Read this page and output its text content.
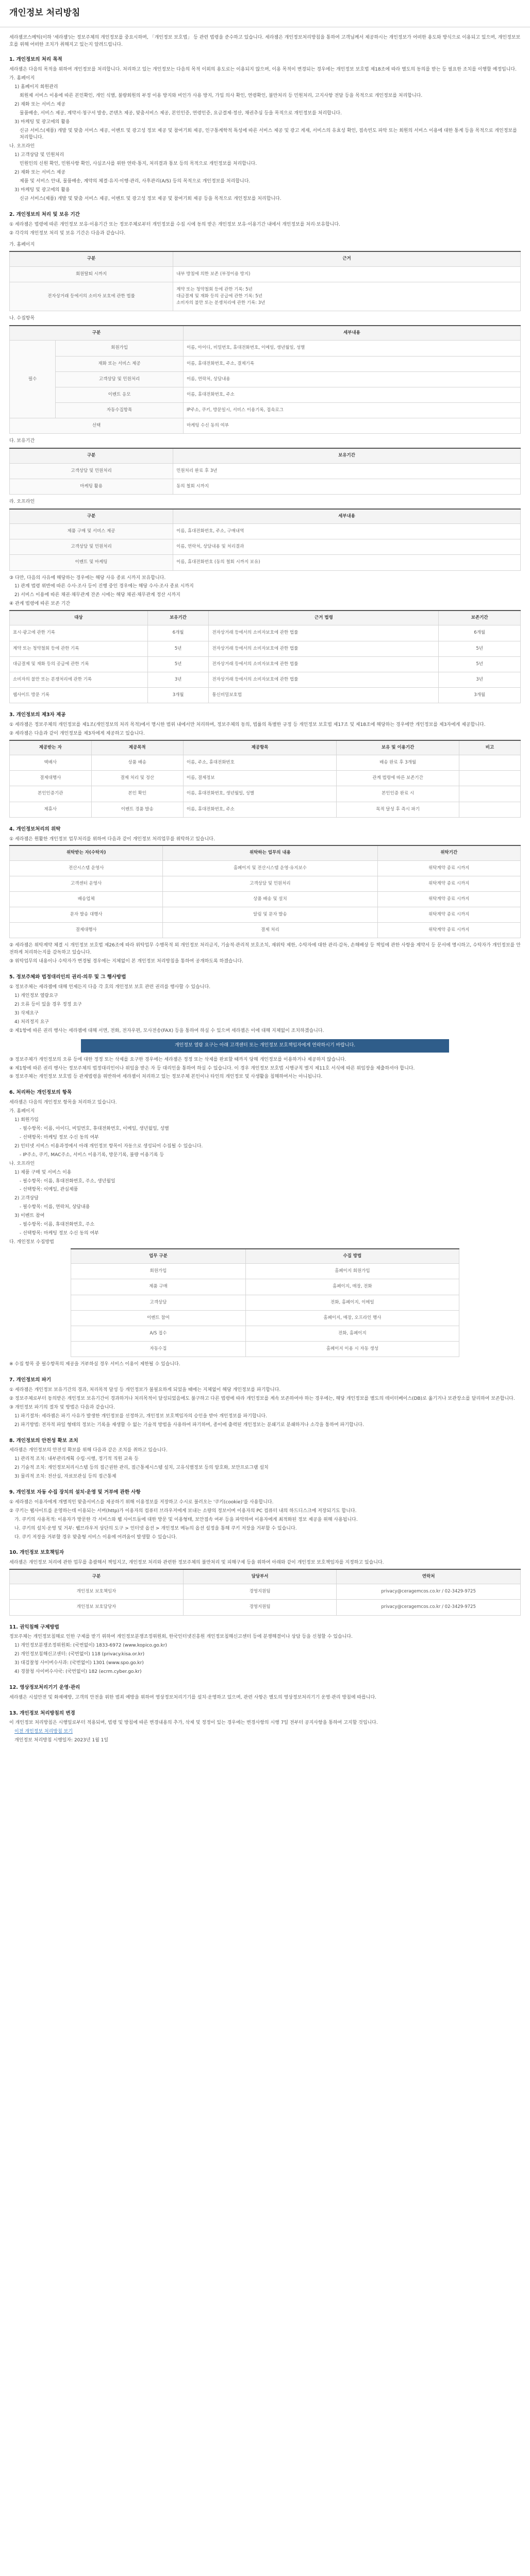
개인정보 처리방침
세라젬코스메틱(이하 '세라젬')는 정보주체의 개인정보를 중요시하며, 「개인정보 보호법」 등 관련 법령을 준수하고 있습니다. 세라젬은 개인정보처리방침을 통하여 고객님께서 제공하시는 개인정보가 어떠한 용도와 방식으로 이용되고 있으며, 개인정보보호를 위해 어떠한 조치가 취해지고 있는지 알려드립니다.
1. 개인정보의 처리 목적
세라젬은 다음의 목적을 위하여 개인정보를 처리합니다. 처리하고 있는 개인정보는 다음의 목적 이외의 용도로는 이용되지 않으며, 이용 목적이 변경되는 경우에는 개인정보 보호법 제18조에 따라 별도의 동의를 받는 등 필요한 조치를 이행할 예정입니다.
가. 홈페이지
1) 홈페이지 회원관리
회원제 서비스 이용에 따른 본인확인, 개인 식별, 불량회원의 부정 이용 방지와 비인가 사용 방지, 가입 의사 확인, 연령확인, 불만처리 등 민원처리, 고지사항 전달 등을 목적으로 개인정보를 처리합니다.
2) 재화 또는 서비스 제공
물품배송, 서비스 제공, 계약서·청구서 발송, 콘텐츠 제공, 맞춤서비스 제공, 본인인증, 연령인증, 요금결제·정산, 채권추심 등을 목적으로 개인정보를 처리합니다.
3) 마케팅 및 광고에의 활용
신규 서비스(제품) 개발 및 맞춤 서비스 제공, 이벤트 및 광고성 정보 제공 및 참여기회 제공, 인구통계학적 특성에 따른 서비스 제공 및 광고 게재, 서비스의 유효성 확인, 접속빈도 파악 또는 회원의 서비스 이용에 대한 통계 등을 목적으로 개인정보를 처리합니다.
나. 오프라인
1) 고객상담 및 민원처리
민원인의 신원 확인, 민원사항 확인, 사실조사를 위한 연락·통지, 처리결과 통보 등의 목적으로 개인정보를 처리합니다.
2) 재화 또는 서비스 제공
제품 및 서비스 안내, 물품배송, 계약의 체결·유지·이행·관리, 사후관리(A/S) 등의 목적으로 개인정보를 처리합니다.
3) 마케팅 및 광고에의 활용
신규 서비스(제품) 개발 및 맞춤 서비스 제공, 이벤트 및 광고성 정보 제공 및 참여기회 제공 등을 목적으로 개인정보를 처리합니다.
2. 개인정보의 처리 및 보유 기간
① 세라젬은 법령에 따른 개인정보 보유·이용기간 또는 정보주체로부터 개인정보를 수집 시에 동의 받은 개인정보 보유·이용기간 내에서 개인정보를 처리·보유합니다.
② 각각의 개인정보 처리 및 보유 기간은 다음과 같습니다.
가. 홈페이지
구분	근거
회원탈퇴 시까지	내부 방침에 의한 보존 (부정이용 방지)
전자상거래 등에서의 소비자 보호에 관한 법률	계약 또는 청약철회 등에 관한 기록: 5년
대금결제 및 재화 등의 공급에 관한 기록: 5년
소비자의 불만 또는 분쟁처리에 관한 기록: 3년
나. 수집항목
구분		세부내용
필수	회원가입	이름, 아이디, 비밀번호, 휴대전화번호, 이메일, 생년월일, 성별
	재화 또는 서비스 제공	이름, 휴대전화번호, 주소, 결제기록
	고객상담 및 민원처리	이름, 연락처, 상담내용
	이벤트 응모	이름, 휴대전화번호, 주소
	자동수집항목	IP주소, 쿠키, 방문일시, 서비스 이용기록, 접속로그
선택		마케팅 수신 동의 여부
다. 보유기간
구분	보유기간
고객상담 및 민원처리	민원처리 완료 후 3년
마케팅 활용	동의 철회 시까지
라. 오프라인
구분	세부내용
제품 구매 및 서비스 제공	이름, 휴대전화번호, 주소, 구매내역
고객상담 및 민원처리	이름, 연락처, 상담내용 및 처리결과
이벤트 및 마케팅	이름, 휴대전화번호 (동의 철회 시까지 보유)
③ 다만, 다음의 사유에 해당하는 경우에는 해당 사유 종료 시까지 보유합니다.
1) 관계 법령 위반에 따른 수사·조사 등이 진행 중인 경우에는 해당 수사·조사 종료 시까지
2) 서비스 이용에 따른 채권·채무관계 잔존 시에는 해당 채권·채무관계 정산 시까지
④ 관계 법령에 따른 보존 기간
대상	보유기간	근거 법령	보존기간
표시·광고에 관한 기록	6개월	전자상거래 등에서의 소비자보호에 관한 법률	6개월
계약 또는 청약철회 등에 관한 기록	5년	전자상거래 등에서의 소비자보호에 관한 법률	5년
대금결제 및 재화 등의 공급에 관한 기록	5년	전자상거래 등에서의 소비자보호에 관한 법률	5년
소비자의 불만 또는 분쟁처리에 관한 기록	3년	전자상거래 등에서의 소비자보호에 관한 법률	3년
웹사이트 방문 기록	3개월	통신비밀보호법	3개월
3. 개인정보의 제3자 제공
① 세라젬은 정보주체의 개인정보를 제1조(개인정보의 처리 목적)에서 명시한 범위 내에서만 처리하며, 정보주체의 동의, 법률의 특별한 규정 등 개인정보 보호법 제17조 및 제18조에 해당하는 경우에만 개인정보를 제3자에게 제공합니다.
② 세라젬은 다음과 같이 개인정보를 제3자에게 제공하고 있습니다.
제공받는 자	제공목적	제공항목	보유 및 이용기간	비고
택배사	상품 배송	이름, 주소, 휴대전화번호	배송 완료 후 3개월	
결제대행사	결제 처리 및 정산	이름, 결제정보	관계 법령에 따른 보존기간	
본인인증기관	본인 확인	이름, 휴대전화번호, 생년월일, 성별	본인인증 완료 시	
제휴사	이벤트 경품 발송	이름, 휴대전화번호, 주소	목적 달성 후 즉시 파기	
4. 개인정보처리의 위탁
① 세라젬은 원활한 개인정보 업무처리를 위하여 다음과 같이 개인정보 처리업무를 위탁하고 있습니다.
위탁받는 자(수탁자)	위탁하는 업무의 내용	위탁기간
전산시스템 운영사	홈페이지 및 전산시스템 운영·유지보수	위탁계약 종료 시까지
고객센터 운영사	고객상담 및 민원처리	위탁계약 종료 시까지
배송업체	상품 배송 및 설치	위탁계약 종료 시까지
문자 발송 대행사	알림 및 문자 발송	위탁계약 종료 시까지
결제대행사	결제 처리	위탁계약 종료 시까지
② 세라젬은 위탁계약 체결 시 개인정보 보호법 제26조에 따라 위탁업무 수행목적 외 개인정보 처리금지, 기술적·관리적 보호조치, 재위탁 제한, 수탁자에 대한 관리·감독, 손해배상 등 책임에 관한 사항을 계약서 등 문서에 명시하고, 수탁자가 개인정보를 안전하게 처리하는지를 감독하고 있습니다.
③ 위탁업무의 내용이나 수탁자가 변경될 경우에는 지체없이 본 개인정보 처리방침을 통하여 공개하도록 하겠습니다.
5. 정보주체와 법정대리인의 권리·의무 및 그 행사방법
① 정보주체는 세라젬에 대해 언제든지 다음 각 호의 개인정보 보호 관련 권리를 행사할 수 있습니다.
1) 개인정보 열람요구
2) 오류 등이 있을 경우 정정 요구
3) 삭제요구
4) 처리정지 요구
② 제1항에 따른 권리 행사는 세라젬에 대해 서면, 전화, 전자우편, 모사전송(FAX) 등을 통하여 하실 수 있으며 세라젬은 이에 대해 지체없이 조치하겠습니다.
개인정보 열람 요구는 아래 고객센터 또는 개인정보 보호책임자에게 연락하시기 바랍니다.
③ 정보주체가 개인정보의 오류 등에 대한 정정 또는 삭제를 요구한 경우에는 세라젬은 정정 또는 삭제를 완료할 때까지 당해 개인정보를 이용하거나 제공하지 않습니다.
④ 제1항에 따른 권리 행사는 정보주체의 법정대리인이나 위임을 받은 자 등 대리인을 통하여 하실 수 있습니다. 이 경우 개인정보 보호법 시행규칙 별지 제11호 서식에 따른 위임장을 제출하셔야 합니다.
⑤ 정보주체는 개인정보 보호법 등 관계법령을 위반하여 세라젬이 처리하고 있는 정보주체 본인이나 타인의 개인정보 및 사생활을 침해하여서는 아니됩니다.
6. 처리하는 개인정보의 항목
세라젬은 다음의 개인정보 항목을 처리하고 있습니다.
가. 홈페이지
1) 회원가입
- 필수항목: 이름, 아이디, 비밀번호, 휴대전화번호, 이메일, 생년월일, 성별
- 선택항목: 마케팅 정보 수신 동의 여부
2) 인터넷 서비스 이용과정에서 아래 개인정보 항목이 자동으로 생성되어 수집될 수 있습니다.
- IP주소, 쿠키, MAC주소, 서비스 이용기록, 방문기록, 불량 이용기록 등
나. 오프라인
1) 제품 구매 및 서비스 이용
- 필수항목: 이름, 휴대전화번호, 주소, 생년월일
- 선택항목: 이메일, 관심제품
2) 고객상담
- 필수항목: 이름, 연락처, 상담내용
3) 이벤트 참여
- 필수항목: 이름, 휴대전화번호, 주소
- 선택항목: 마케팅 정보 수신 동의 여부
다. 개인정보 수집방법
업무 구분	수집 방법
회원가입	홈페이지 회원가입
제품 구매	홈페이지, 매장, 전화
고객상담	전화, 홈페이지, 이메일
이벤트 참여	홈페이지, 매장, 오프라인 행사
A/S 접수	전화, 홈페이지
자동수집	홈페이지 이용 시 자동 생성
※ 수집 항목 중 필수항목의 제공을 거부하실 경우 서비스 이용이 제한될 수 있습니다.
7. 개인정보의 파기
① 세라젬은 개인정보 보유기간의 경과, 처리목적 달성 등 개인정보가 불필요하게 되었을 때에는 지체없이 해당 개인정보를 파기합니다.
② 정보주체로부터 동의받은 개인정보 보유기간이 경과하거나 처리목적이 달성되었음에도 불구하고 다른 법령에 따라 개인정보를 계속 보존하여야 하는 경우에는, 해당 개인정보를 별도의 데이터베이스(DB)로 옮기거나 보관장소를 달리하여 보존합니다.
③ 개인정보 파기의 절차 및 방법은 다음과 같습니다.
1) 파기절차: 세라젬은 파기 사유가 발생한 개인정보를 선정하고, 개인정보 보호책임자의 승인을 받아 개인정보를 파기합니다.
2) 파기방법: 전자적 파일 형태의 정보는 기록을 재생할 수 없는 기술적 방법을 사용하여 파기하며, 종이에 출력된 개인정보는 분쇄기로 분쇄하거나 소각을 통하여 파기합니다.
8. 개인정보의 안전성 확보 조치
세라젬은 개인정보의 안전성 확보를 위해 다음과 같은 조치를 취하고 있습니다.
1) 관리적 조치: 내부관리계획 수립·시행, 정기적 직원 교육 등
2) 기술적 조치: 개인정보처리시스템 등의 접근권한 관리, 접근통제시스템 설치, 고유식별정보 등의 암호화, 보안프로그램 설치
3) 물리적 조치: 전산실, 자료보관실 등의 접근통제
9. 개인정보 자동 수집 장치의 설치·운영 및 거부에 관한 사항
① 세라젬은 이용자에게 개별적인 맞춤서비스를 제공하기 위해 이용정보를 저장하고 수시로 불러오는 '쿠키(cookie)'를 사용합니다.
② 쿠키는 웹사이트를 운영하는데 이용되는 서버(http)가 이용자의 컴퓨터 브라우저에게 보내는 소량의 정보이며 이용자의 PC 컴퓨터 내의 하드디스크에 저장되기도 합니다.
가. 쿠키의 사용목적: 이용자가 방문한 각 서비스와 웹 사이트들에 대한 방문 및 이용형태, 보안접속 여부 등을 파악하여 이용자에게 최적화된 정보 제공을 위해 사용됩니다.
나. 쿠키의 설치·운영 및 거부: 웹브라우저 상단의 도구 > 인터넷 옵션 > 개인정보 메뉴의 옵션 설정을 통해 쿠키 저장을 거부할 수 있습니다.
다. 쿠키 저장을 거부할 경우 맞춤형 서비스 이용에 어려움이 발생할 수 있습니다.
10. 개인정보 보호책임자
세라젬은 개인정보 처리에 관한 업무를 총괄해서 책임지고, 개인정보 처리와 관련한 정보주체의 불만처리 및 피해구제 등을 위하여 아래와 같이 개인정보 보호책임자를 지정하고 있습니다.
구분	담당부서	연락처
개인정보 보호책임자	경영지원팀	privacy@ceragemcos.co.kr / 02-3429-9725
개인정보 보호담당자	경영지원팀	privacy@ceragemcos.co.kr / 02-3429-9725
11. 권익침해 구제방법
정보주체는 개인정보침해로 인한 구제를 받기 위하여 개인정보분쟁조정위원회, 한국인터넷진흥원 개인정보침해신고센터 등에 분쟁해결이나 상담 등을 신청할 수 있습니다.
1) 개인정보분쟁조정위원회: (국번없이) 1833-6972 (www.kopico.go.kr)
2) 개인정보침해신고센터: (국번없이) 118 (privacy.kisa.or.kr)
3) 대검찰청 사이버수사과: (국번없이) 1301 (www.spo.go.kr)
4) 경찰청 사이버수사국: (국번없이) 182 (ecrm.cyber.go.kr)
12. 영상정보처리기기 운영·관리
세라젬은 시설안전 및 화재예방, 고객의 안전을 위한 범죄 예방을 위하여 영상정보처리기기를 설치·운영하고 있으며, 관련 사항은 별도의 영상정보처리기기 운영·관리 방침에 따릅니다.
13. 개인정보 처리방침의 변경
이 개인정보 처리방침은 시행일로부터 적용되며, 법령 및 방침에 따른 변경내용의 추가, 삭제 및 정정이 있는 경우에는 변경사항의 시행 7일 전부터 공지사항을 통하여 고지할 것입니다.
이전 개인정보 처리방침 보기
개인정보 처리방침 시행일자: 2023년 1월 1일
